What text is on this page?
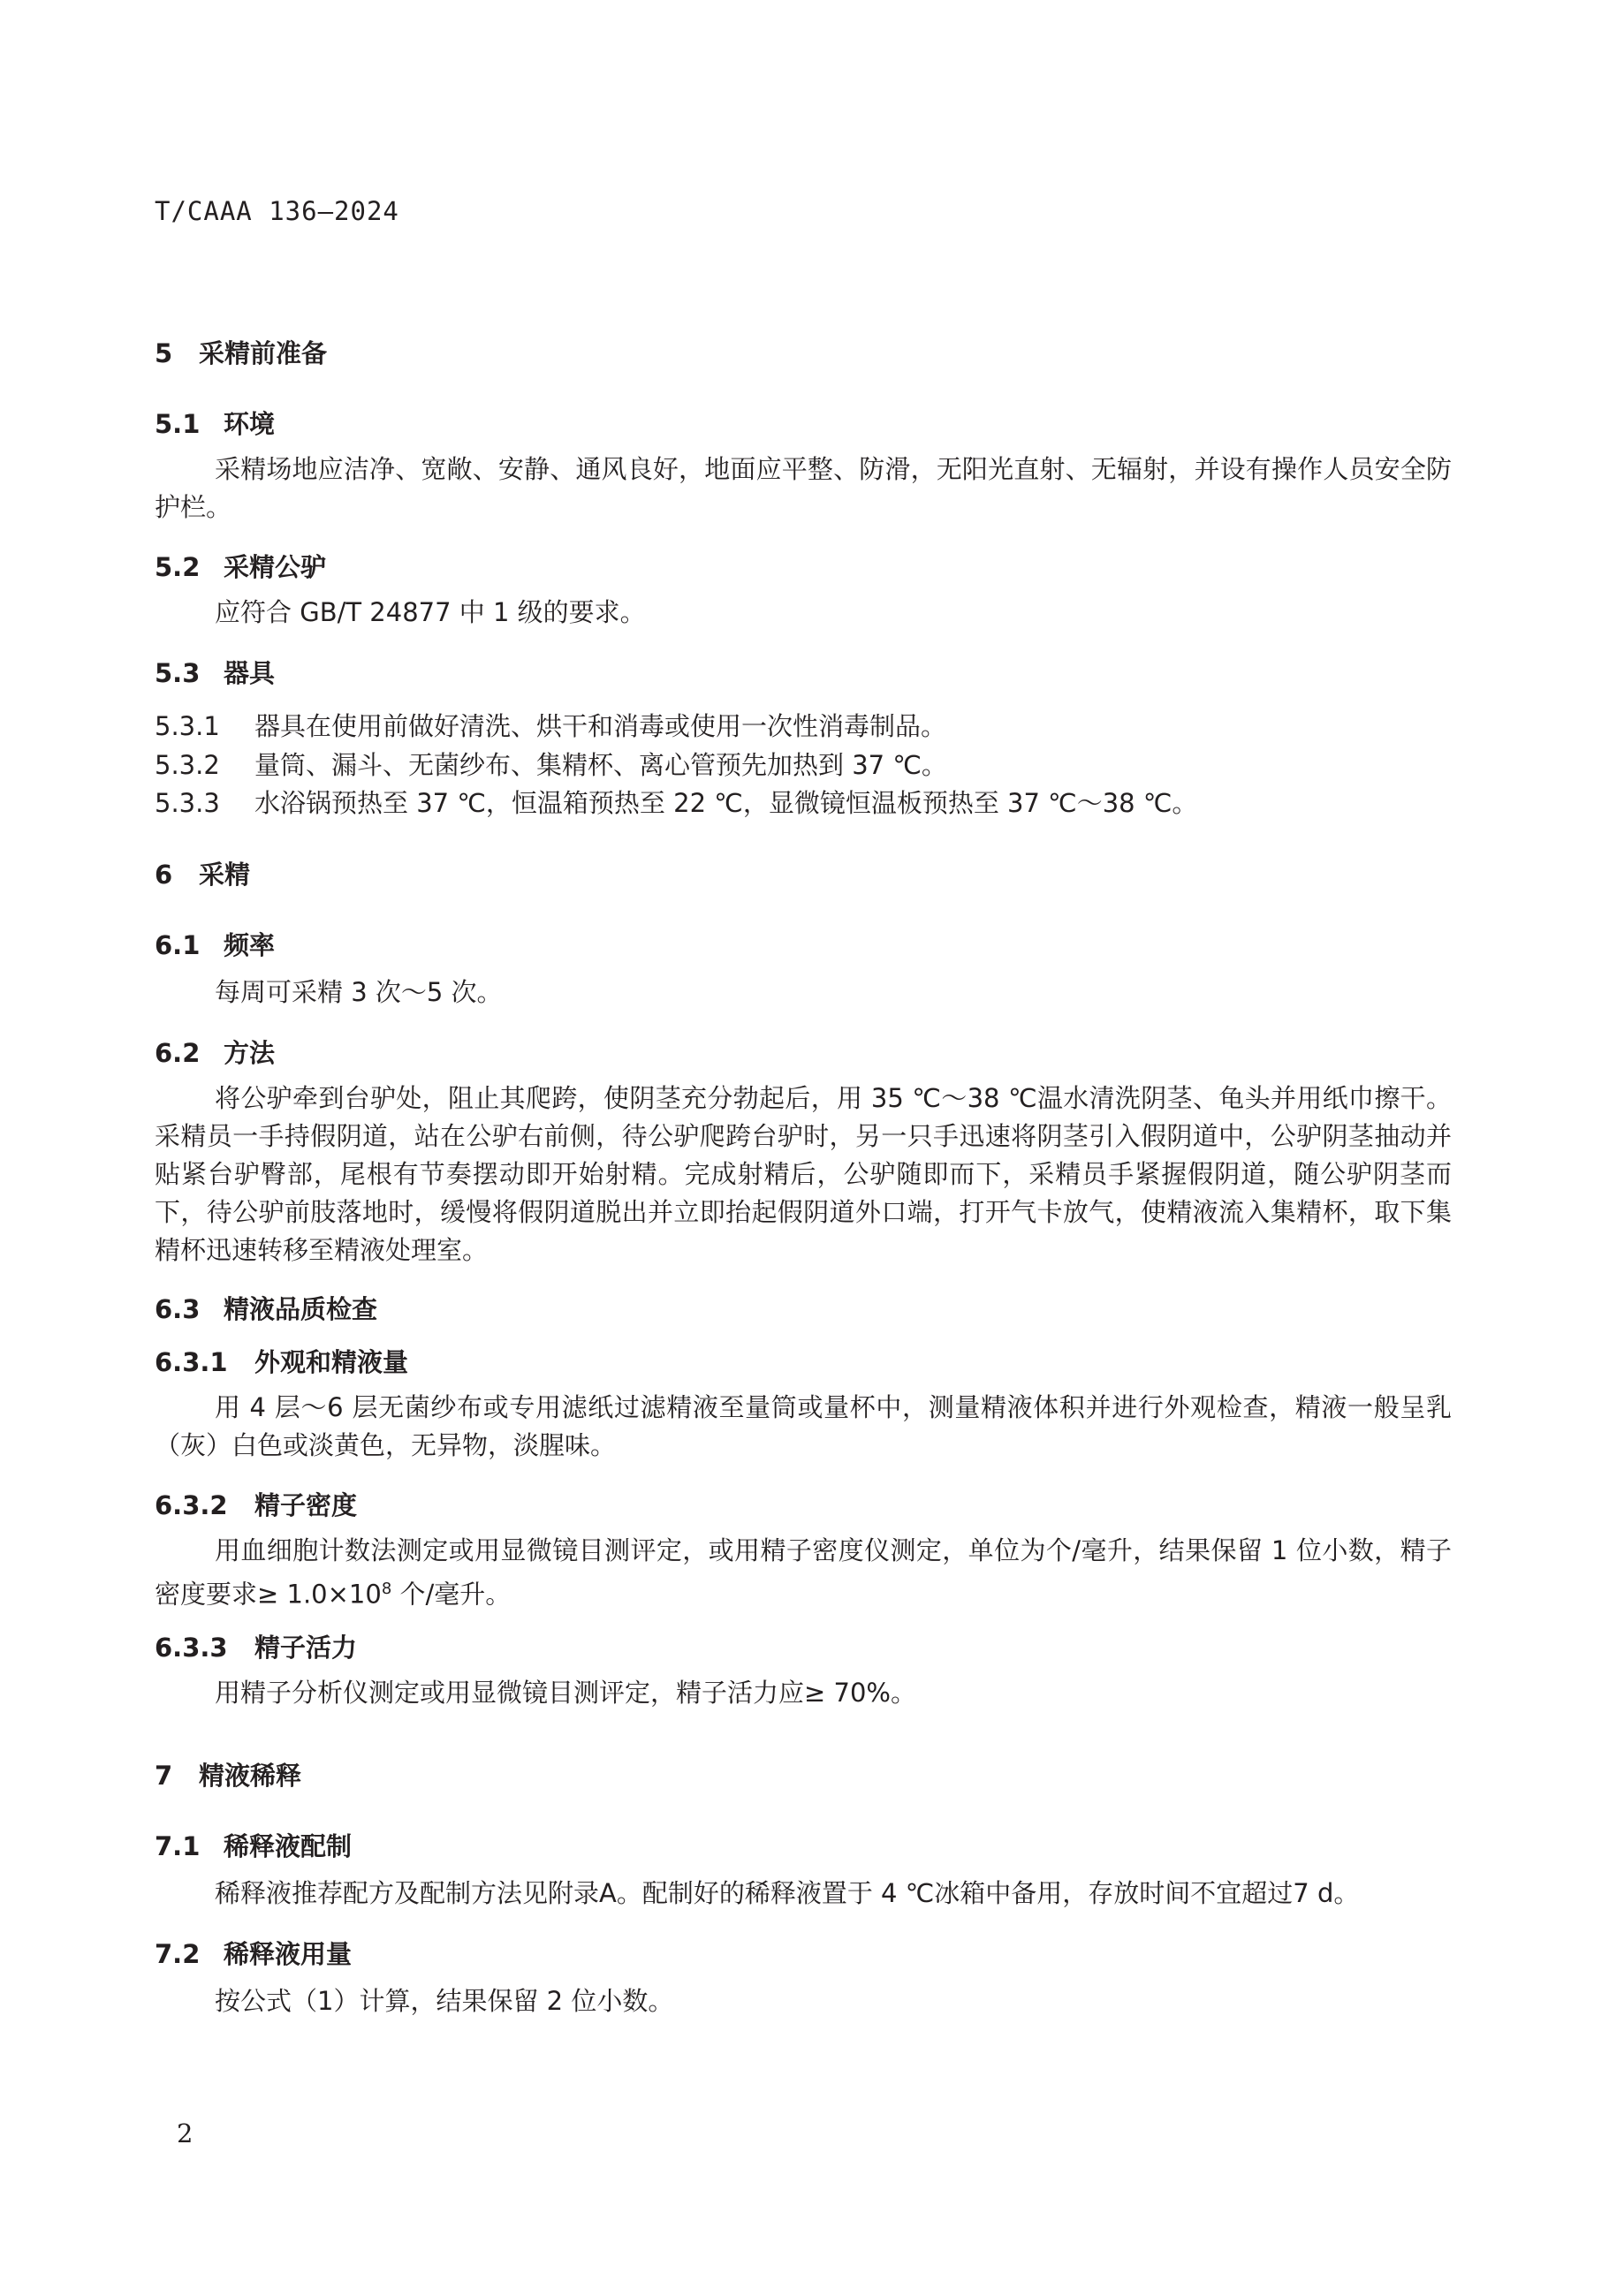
T/CAAA 136—2024
5 采精前准备
5.1 环境
采精场地应洁净、宽敞、安静、通风良好，地面应平整、防滑，无阳光直射、无辐射，并设有操作人员安全防护栏。
5.2 采精公驴
应符合 GB/T 24877 中 1 级的要求。
5.3 器具
5.3.1 器具在使用前做好清洗、烘干和消毒或使用一次性消毒制品。
5.3.2 量筒、漏斗、无菌纱布、集精杯、离心管预先加热到 37 ℃。
5.3.3 水浴锅预热至 37 ℃，恒温箱预热至 22 ℃，显微镜恒温板预热至 37 ℃～38 ℃。
6 采精
6.1 频率
每周可采精 3 次～5 次。
6.2 方法
将公驴牵到台驴处，阻止其爬跨，使阴茎充分勃起后，用 35 ℃～38 ℃温水清洗阴茎、龟头并用纸巾擦干。采精员一手持假阴道，站在公驴右前侧，待公驴爬跨台驴时，另一只手迅速将阴茎引入假阴道中，公驴阴茎抽动并贴紧台驴臀部，尾根有节奏摆动即开始射精。完成射精后，公驴随即而下，采精员手紧握假阴道，随公驴阴茎而下，待公驴前肢落地时，缓慢将假阴道脱出并立即抬起假阴道外口端，打开气卡放气，使精液流入集精杯，取下集精杯迅速转移至精液处理室。
6.3 精液品质检查
6.3.1 外观和精液量
用 4 层～6 层无菌纱布或专用滤纸过滤精液至量筒或量杯中，测量精液体积并进行外观检查，精液一般呈乳（灰）白色或淡黄色，无异物，淡腥味。
6.3.2 精子密度
用血细胞计数法测定或用显微镜目测评定，或用精子密度仪测定，单位为个/毫升，结果保留 1 位小数，精子密度要求≥ $1.0\times 10^8$ 个/毫升。
6.3.3 精子活力
用精子分析仪测定或用显微镜目测评定，精子活力应≥ 70%。
7 精液稀释
7.1 稀释液配制
稀释液推荐配方及配制方法见附录A。配制好的稀释液置于 4 ℃冰箱中备用，存放时间不宜超过7 d。
7.2 稀释液用量
按公式（1）计算，结果保留 2 位小数。
2
